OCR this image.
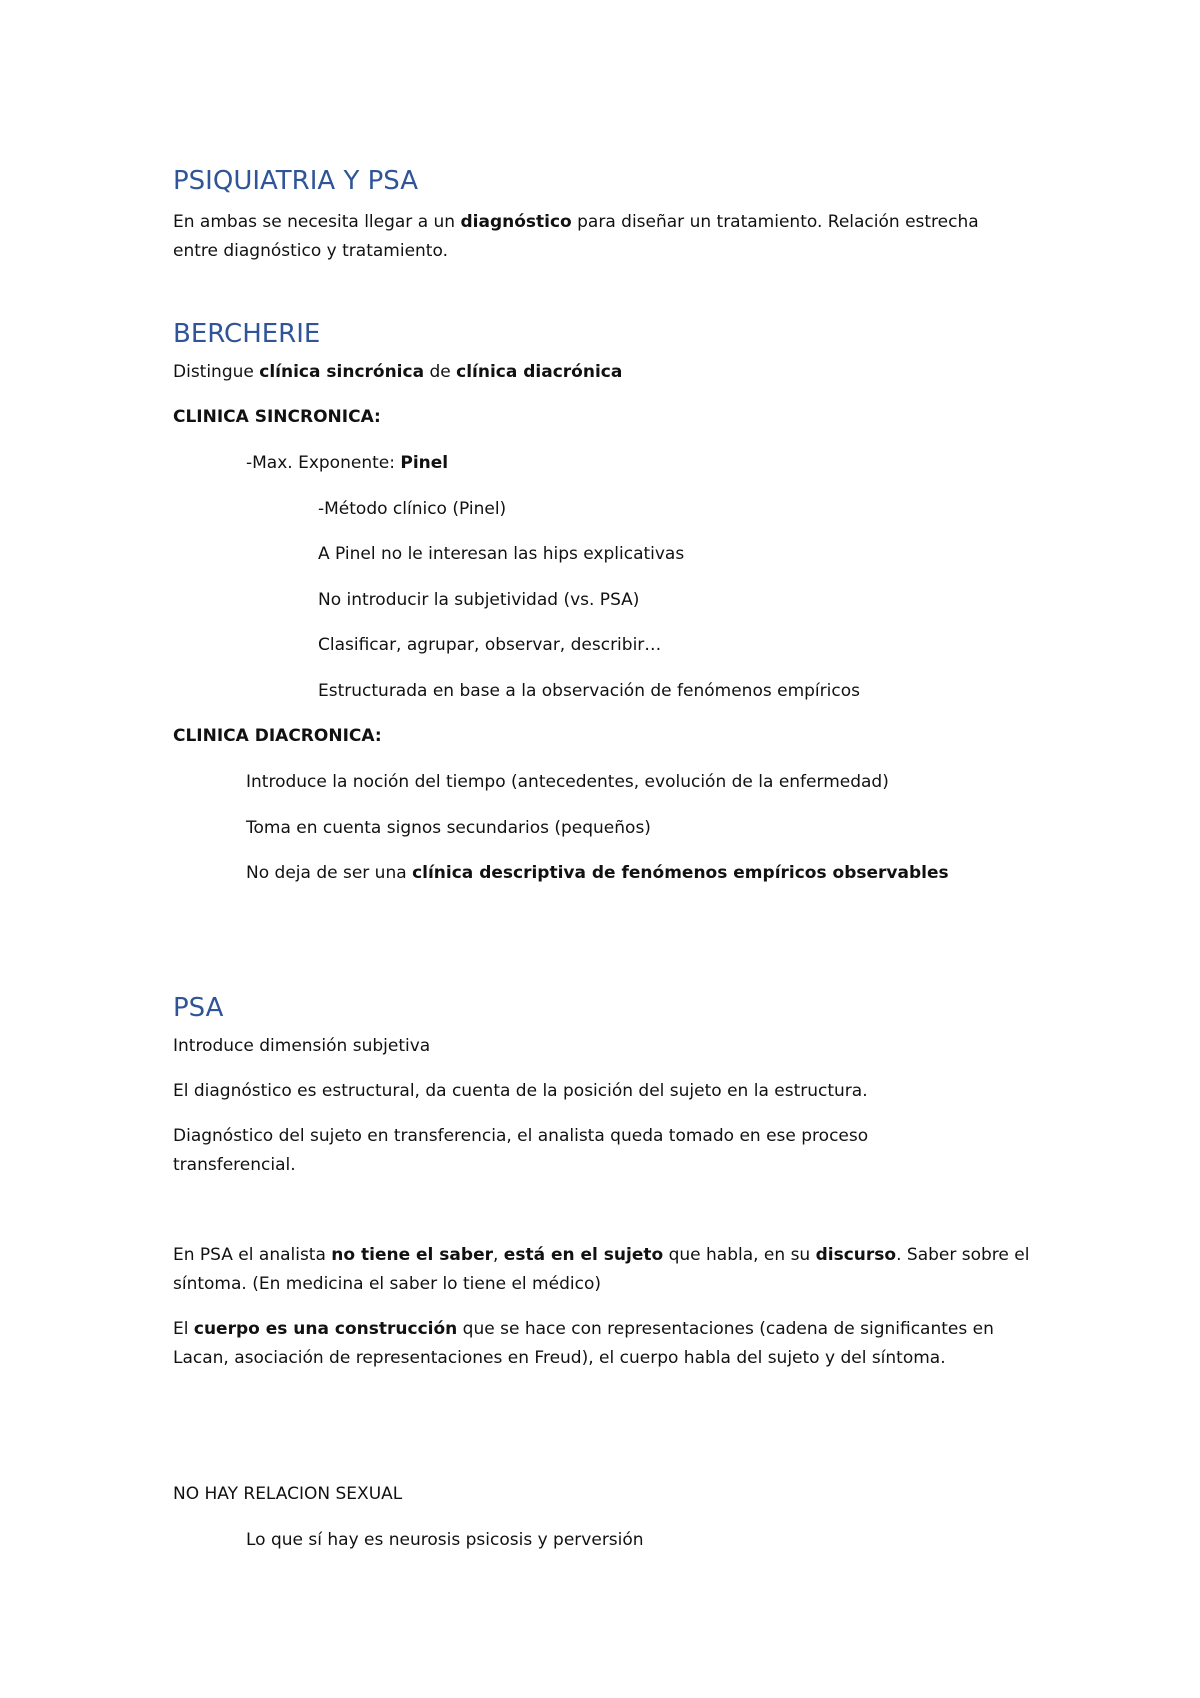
PSIQUIATRIA Y PSA
En ambas se necesita llegar a un diagnóstico para diseñar un tratamiento. Relación estrecha
entre diagnóstico y tratamiento.
BERCHERIE
Distingue clínica sincrónica de clínica diacrónica
CLINICA SINCRONICA:
-Max. Exponente: Pinel
-Método clínico (Pinel)
A Pinel no le interesan las hips explicativas
No introducir la subjetividad (vs. PSA)
Clasificar, agrupar, observar, describir…
Estructurada en base a la observación de fenómenos empíricos
CLINICA DIACRONICA:
Introduce la noción del tiempo (antecedentes, evolución de la enfermedad)
Toma en cuenta signos secundarios (pequeños)
No deja de ser una clínica descriptiva de fenómenos empíricos observables
PSA
Introduce dimensión subjetiva
El diagnóstico es estructural, da cuenta de la posición del sujeto en la estructura.
Diagnóstico del sujeto en transferencia, el analista queda tomado en ese proceso
transferencial.
En PSA el analista no tiene el saber, está en el sujeto que habla, en su discurso. Saber sobre el
síntoma. (En medicina el saber lo tiene el médico)
El cuerpo es una construcción que se hace con representaciones (cadena de significantes en
Lacan, asociación de representaciones en Freud), el cuerpo habla del sujeto y del síntoma.
NO HAY RELACION SEXUAL
Lo que sí hay es neurosis psicosis y perversión
